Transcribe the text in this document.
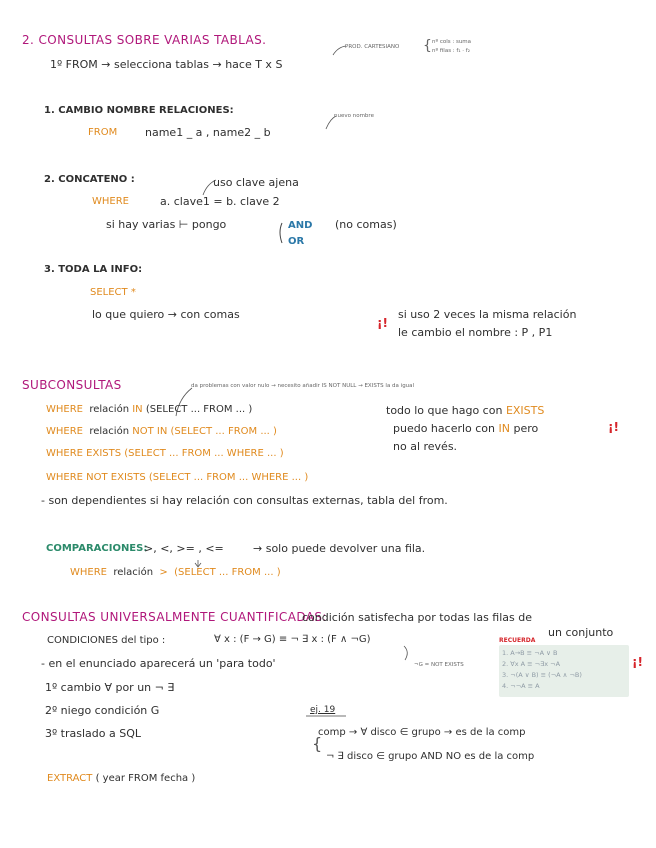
2. CONSULTAS SOBRE VARIAS TABLAS.
1º FROM → selecciona tablas → hace T x S
PROD. CARTESIANO { nº cols : suma
nº filas : f₁ · f₂
1. CAMBIO NOMBRE RELACIONES:	nuevo nombre
FROM	name1 _ a , name2 _ b
2. CONCATENO :	uso clave ajena
WHERE	a. clave1 = b. clave 2
si hay varias ⊢ pongo	AND
OR
(no comas)
3. TODA LA INFO:
SELECT *
lo que quiero → con comas
¡!
si uso 2 veces la misma relación
le cambio el nombre : P , P1
SUBCONSULTAS	da problemas con valor nulo → necesito añadir IS NOT NULL → EXISTS la da igual
WHERE relación IN (SELECT ... FROM ... )
WHERE relación NOT IN (SELECT ... FROM ... )
WHERE EXISTS (SELECT ... FROM ... WHERE ... )
WHERE NOT EXISTS (SELECT ... FROM ... WHERE ... )
todo lo que hago con EXISTS
puedo hacerlo con IN pero
no al revés.
¡!
- son dependientes si hay relación con consultas externas, tabla del from.
COMPARACIONES:
>, <, >= , <=	→ solo puede devolver una fila.
WHERE relación > (SELECT ... FROM ... )
CONSULTAS UNIVERSALMENTE CUANTIFICADAS:
condición satisfecha por todas las filas de
un conjunto
CONDICIONES del tipo :	∀ x : (F → G) ≡ ¬ ∃ x : (F ∧ ¬G)
- en el enunciado aparecerá un 'para todo'	¬G = NOT EXISTS
1. A→B ≡ ¬A ∨ B
2. ∀x A ≡ ¬∃x ¬A
3. ¬(A ∨ B) ≡ (¬A ∧ ¬B)
4. ¬¬A ≡ A
RECUERDA
¡!
1º cambio ∀ por un ¬ ∃
2º niego condición G
3º traslado a SQL
ej. 19
{
comp → ∀ disco ∈ grupo → es de la comp
¬ ∃ disco ∈ grupo AND NO es de la comp
EXTRACT ( year FROM fecha )
